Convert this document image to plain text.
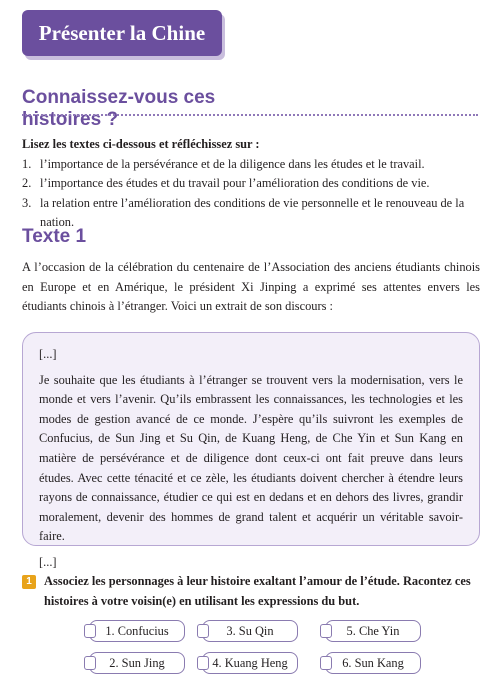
Présenter la Chine
Connaissez-vous ces histoires ?
Lisez les textes ci-dessous et réfléchissez sur :
1. l’importance de la persévérance et de la diligence dans les études et le travail.
2. l’importance des études et du travail pour l’amélioration des conditions de vie.
3. la relation entre l’amélioration des conditions de vie personnelle et le renouveau de la nation.
Texte 1
A l’occasion de la célébration du centenaire de l’Association des anciens étudiants chinois en Europe et en Amérique, le président Xi Jinping a exprimé ses attentes envers les étudiants chinois à l’étranger. Voici un extrait de son discours :
[...]
Je souhaite que les étudiants à l’étranger se trouvent vers la modernisation, vers le monde et vers l’avenir. Qu’ils embrassent les connaissances, les technologies et les modes de gestion avancé de ce monde. J’espère qu’ils suivront les exemples de Confucius, de Sun Jing et Su Qin, de Kuang Heng, de Che Yin et Sun Kang en matière de persévérance et de diligence dont ceux-ci ont fait preuve dans leurs études. Avec cette ténacité et ce zèle, les étudiants doivent chercher à étendre leurs rayons de connaissance, étudier ce qui est en dedans et en dehors des livres, grandir moralement, devenir des hommes de grand talent et acquérir un véritable savoir-faire.
[...]
1 Associez les personnages à leur histoire exaltant l’amour de l’étude. Racontez ces histoires à votre voisin(e) en utilisant les expressions du but.
1. Confucius	3. Su Qin	5. Che Yin
2. Sun Jing	4. Kuang Heng	6. Sun Kang
